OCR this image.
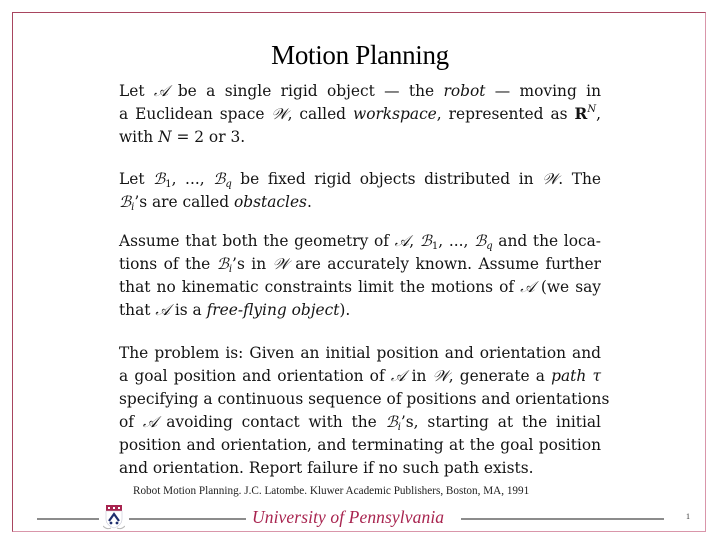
Motion Planning
Let 𝒜 be a single rigid object — the robot — moving in
a Euclidean space 𝒲, called workspace, represented as $R^N$,
with N = 2 or 3.
Let ℬ$_1$, ..., ℬ$_q$ be fixed rigid objects distributed in 𝒲. The
ℬ$_i$’s are called obstacles.
Assume that both the geometry of 𝒜, ℬ$_1$, ..., ℬ$_q$ and the loca-
tions of the ℬ$_i$’s in 𝒲 are accurately known. Assume further
that no kinematic constraints limit the motions of 𝒜 (we say
that 𝒜 is a free-flying object).
The problem is: Given an initial position and orientation and
a goal position and orientation of 𝒜 in 𝒲, generate a path τ
specifying a continuous sequence of positions and orientations
of 𝒜 avoiding contact with the ℬ$_i$’s, starting at the initial
position and orientation, and terminating at the goal position
and orientation. Report failure if no such path exists.
Robot Motion Planning. J.C. Latombe. Kluwer Academic Publishers, Boston, MA, 1991
University of Pennsylvania	1
